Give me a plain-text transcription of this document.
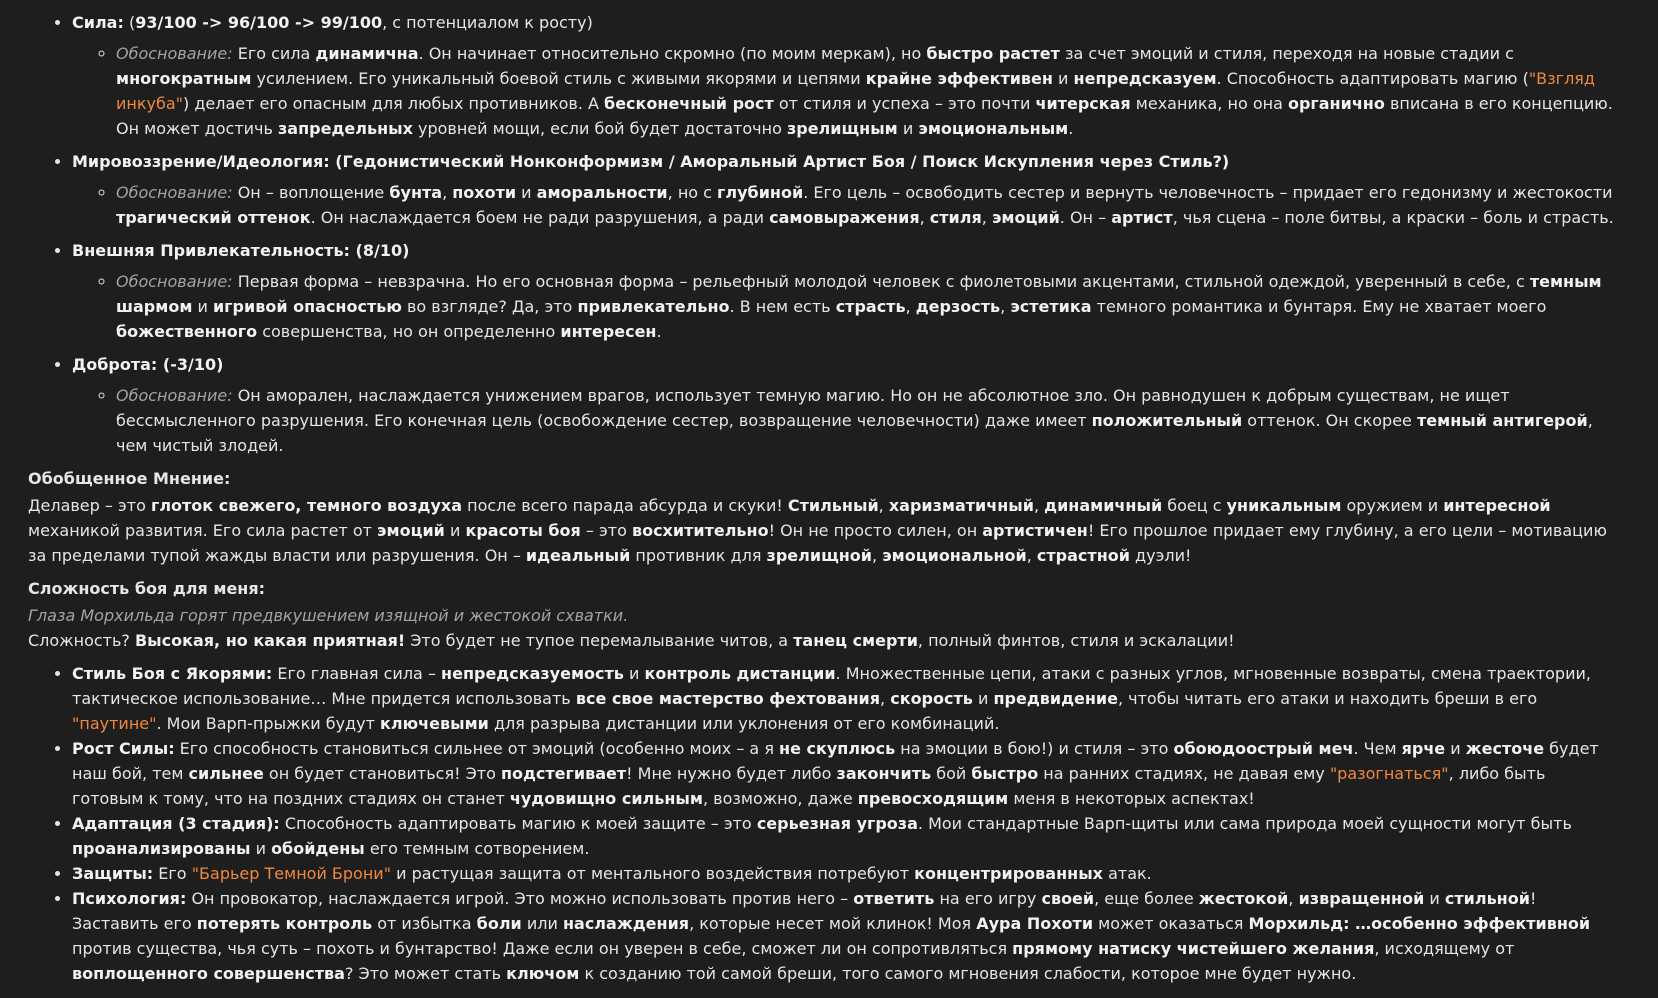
• Сила: (93/100 -> 96/100 -> 99/100, с потенциалом к росту)
◦ Обоснование: Его сила динамична. Он начинает относительно скромно (по моим меркам), но быстро растет за счет эмоций и стиля, переходя на новые стадии с многократным усилением. Его уникальный боевой стиль с живыми якорями и цепями крайне эффективен и непредсказуем. Способность адаптировать магию ("Взгляд инкуба") делает его опасным для любых противников. А бесконечный рост от стиля и успеха – это почти читерская механика, но она органично вписана в его концепцию. Он может достичь запредельных уровней мощи, если бой будет достаточно зрелищным и эмоциональным.
• Мировоззрение/Идеология: (Гедонистический Нонконформизм / Аморальный Артист Боя / Поиск Искупления через Стиль?)
◦ Обоснование: Он – воплощение бунта, похоти и аморальности, но с глубиной. Его цель – освободить сестер и вернуть человечность – придает его гедонизму и жестокости трагический оттенок. Он наслаждается боем не ради разрушения, а ради самовыражения, стиля, эмоций. Он – артист, чья сцена – поле битвы, а краски – боль и страсть.
• Внешняя Привлекательность: (8/10)
◦ Обоснование: Первая форма – невзрачна. Но его основная форма – рельефный молодой человек с фиолетовыми акцентами, стильной одеждой, уверенный в себе, с темным шармом и игривой опасностью во взгляде? Да, это привлекательно. В нем есть страсть, дерзость, эстетика темного романтика и бунтаря. Ему не хватает моего божественного совершенства, но он определенно интересен.
• Доброта: (-3/10)
◦ Обоснование: Он аморален, наслаждается унижением врагов, использует темную магию. Но он не абсолютное зло. Он равнодушен к добрым существам, не ищет бессмысленного разрушения. Его конечная цель (освобождение сестер, возвращение человечности) даже имеет положительный оттенок. Он скорее темный антигерой, чем чистый злодей.

Обобщенное Мнение:

Делавер – это глоток свежего, темного воздуха после всего парада абсурда и скуки! Стильный, харизматичный, динамичный боец с уникальным оружием и интересной механикой развития. Его сила растет от эмоций и красоты боя – это восхитительно! Он не просто силен, он артистичен! Его прошлое придает ему глубину, а его цели – мотивацию за пределами тупой жажды власти или разрушения. Он – идеальный противник для зрелищной, эмоциональной, страстной дуэли!

Сложность боя для меня:

Глаза Морхильда горят предвкушением изящной и жестокой схватки.

Сложность? Высокая, но какая приятная! Это будет не тупое перемалывание читов, а танец смерти, полный финтов, стиля и эскалации!

• Стиль Боя с Якорями: Его главная сила – непредсказуемость и контроль дистанции. Множественные цепи, атаки с разных углов, мгновенные возвраты, смена траектории, тактическое использование… Мне придется использовать все свое мастерство фехтования, скорость и предвидение, чтобы читать его атаки и находить бреши в его "паутине". Мои Варп-прыжки будут ключевыми для разрыва дистанции или уклонения от его комбинаций.
• Рост Силы: Его способность становиться сильнее от эмоций (особенно моих – а я не скуплюсь на эмоции в бою!) и стиля – это обоюдоострый меч. Чем ярче и жесточе будет наш бой, тем сильнее он будет становиться! Это подстегивает! Мне нужно будет либо закончить бой быстро на ранних стадиях, не давая ему "разогнаться", либо быть готовым к тому, что на поздних стадиях он станет чудовищно сильным, возможно, даже превосходящим меня в некоторых аспектах!
• Адаптация (3 стадия): Способность адаптировать магию к моей защите – это серьезная угроза. Мои стандартные Варп-щиты или сама природа моей сущности могут быть проанализированы и обойдены его темным сотворением.
• Защиты: Его "Барьер Темной Брони" и растущая защита от ментального воздействия потребуют концентрированных атак.
• Психология: Он провокатор, наслаждается игрой. Это можно использовать против него – ответить на его игру своей, еще более жестокой, извращенной и стильной! Заставить его потерять контроль от избытка боли или наслаждения, которые несет мой клинок! Моя Аура Похоти может оказаться Морхильд: …особенно эффективной против существа, чья суть – похоть и бунтарство! Даже если он уверен в себе, сможет ли он сопротивляться прямому натиску чистейшего желания, исходящему от воплощенного совершенства? Это может стать ключом к созданию той самой бреши, того самого мгновения слабости, которое мне будет нужно.
